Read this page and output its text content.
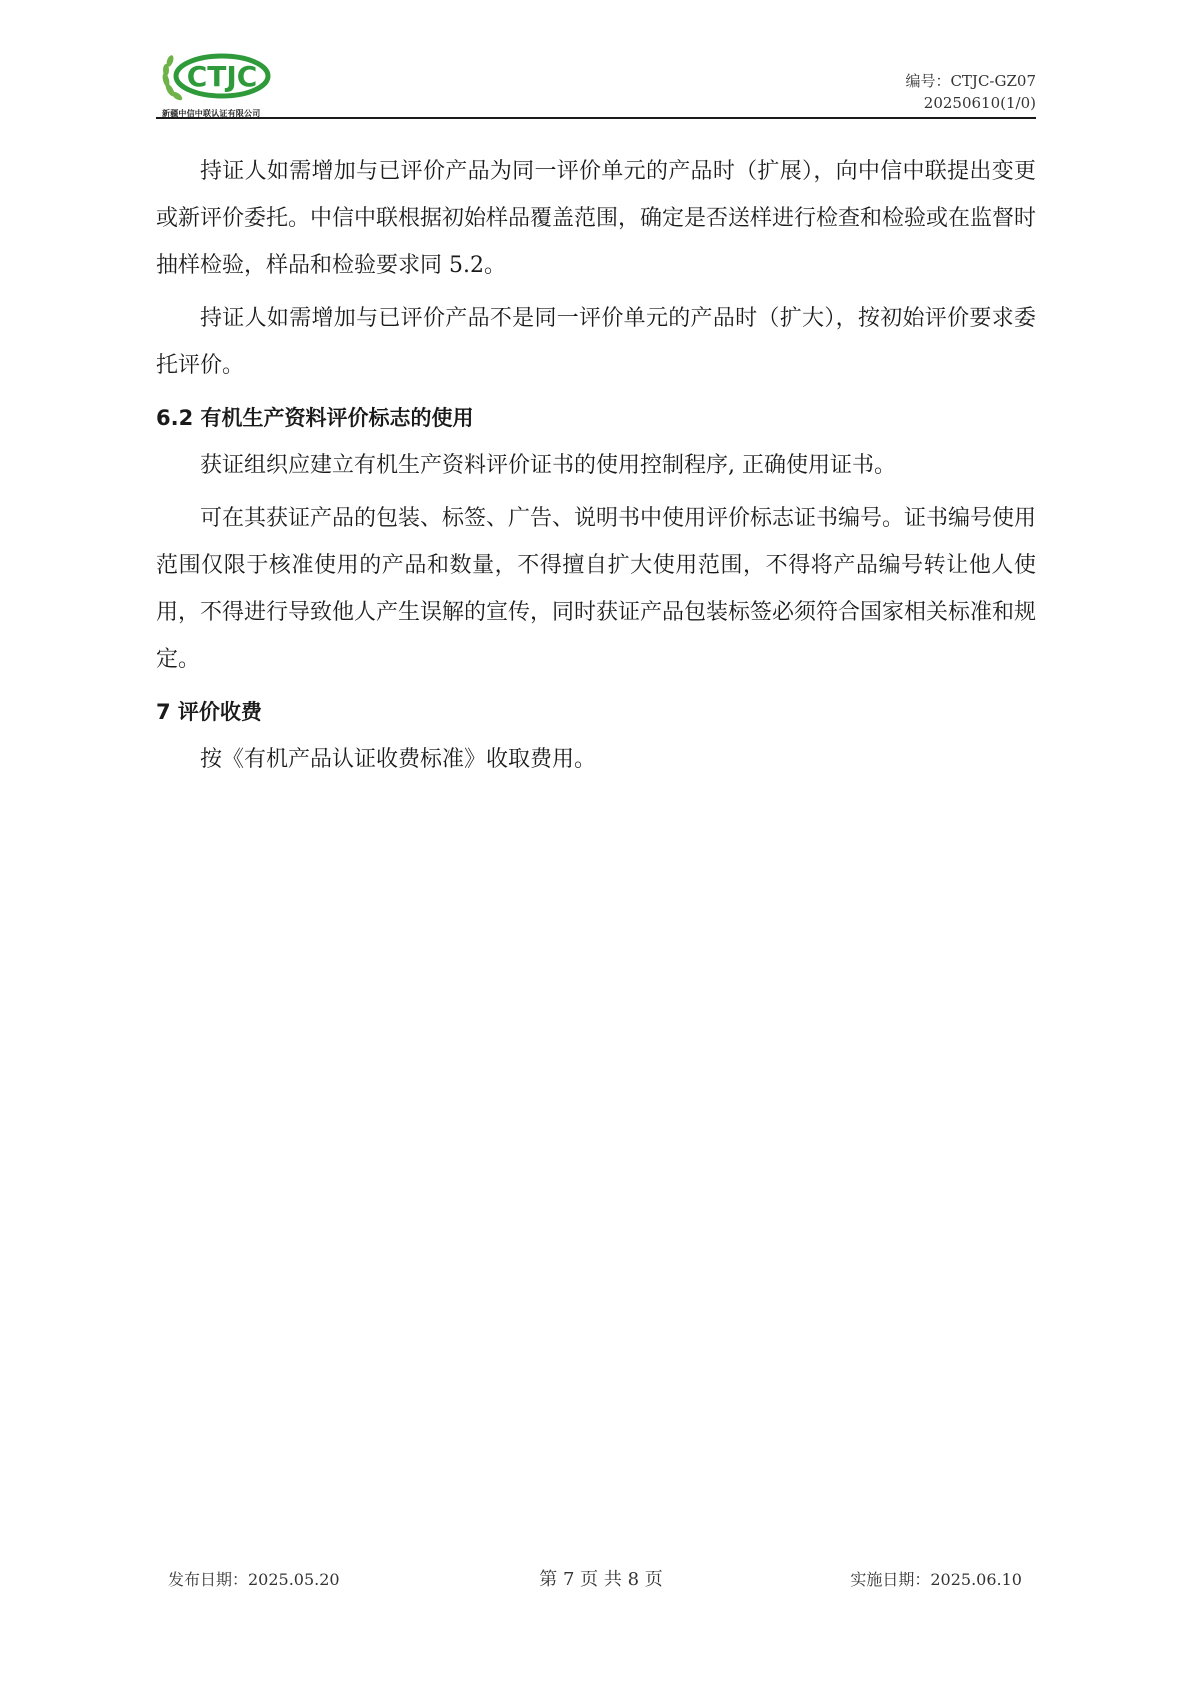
CTJC
新疆中信中联认证有限公司
编号：CTJC-GZ07
20250610(1/0)

持证人如需增加与已评价产品为同一评价单元的产品时（扩展），向中信中联提出变更或新评价委托。中信中联根据初始样品覆盖范围，确定是否送样进行检查和检验或在监督时抽样检验，样品和检验要求同 5.2。

持证人如需增加与已评价产品不是同一评价单元的产品时（扩大），按初始评价要求委托评价。

6.2 有机生产资料评价标志的使用

获证组织应建立有机生产资料评价证书的使用控制程序, 正确使用证书。

可在其获证产品的包装、标签、广告、说明书中使用评价标志证书编号。证书编号使用范围仅限于核准使用的产品和数量，不得擅自扩大使用范围，不得将产品编号转让他人使用，不得进行导致他人产生误解的宣传，同时获证产品包装标签必须符合国家相关标准和规定。

7 评价收费

按《有机产品认证收费标准》收取费用。

发布日期：2025.05.20	第 7 页 共 8 页	实施日期：2025.06.10
